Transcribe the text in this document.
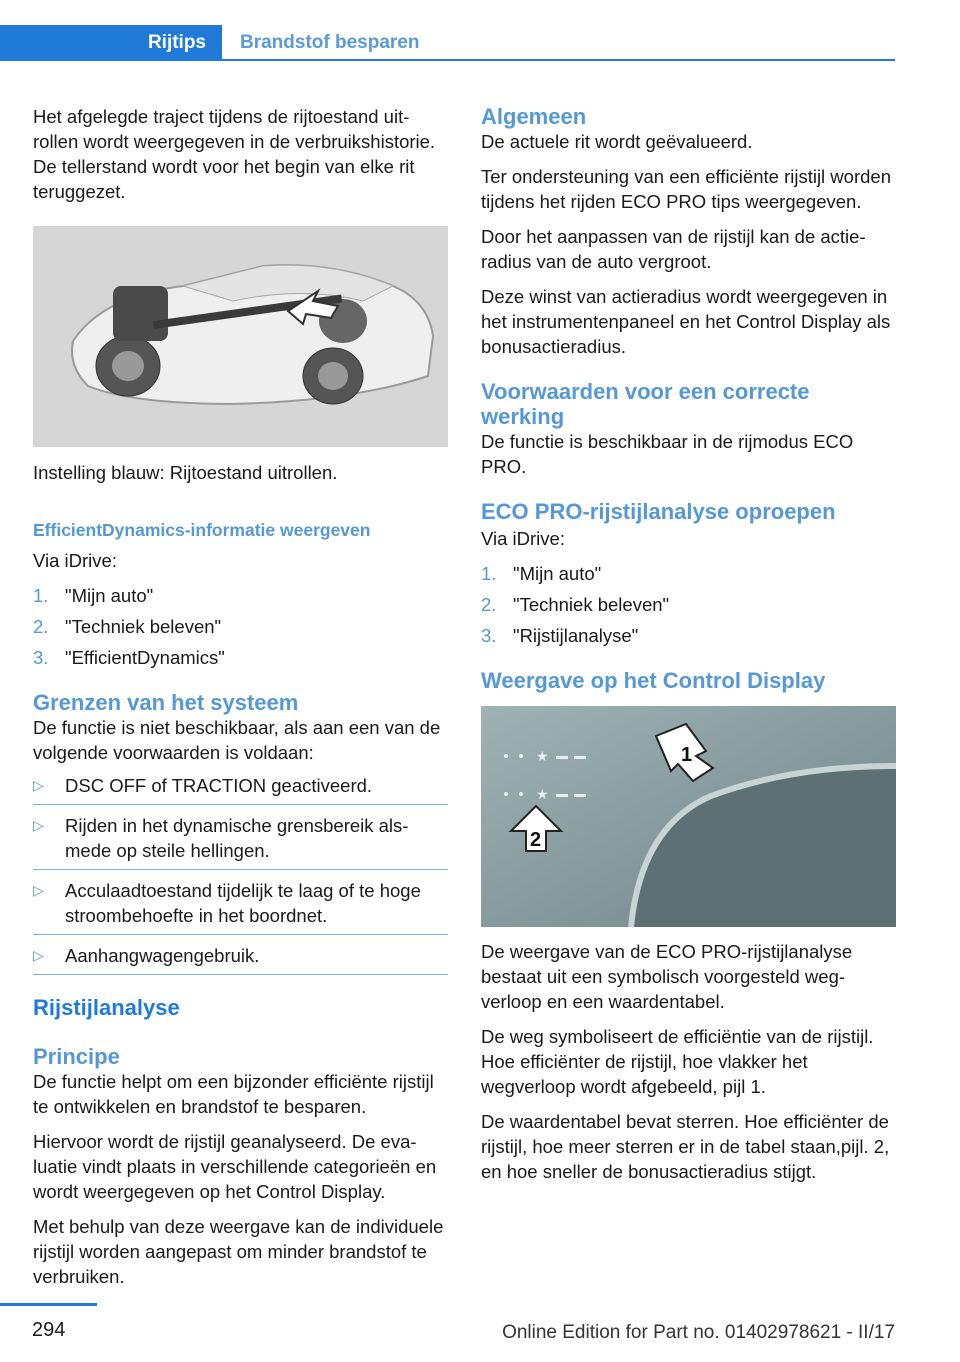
Rijtips Brandstof besparen

Het afgelegde traject tijdens de rijtoestand uitrollen wordt weergegeven in de verbruikshistorie. De tellerstand wordt voor het begin van elke rit teruggezet.

Instelling blauw: Rijtoestand uitrollen.

EfficientDynamics-informatie weergeven

Via iDrive:

1. "Mijn auto"
2. "Techniek beleven"
3. "EfficientDynamics"
Grenzen van het systeem

De functie is niet beschikbaar, als aan een van de volgende voorwaarden is voldaan:

▷ DSC OFF of TRACTION geactiveerd.
▷ Rijden in het dynamische grensbereik alsmede op steile hellingen.
▷ Acculaadtoestand tijdelijk te laag of te hoge stroombehoefte in het boordnet.
▷ Aanhangwagengebruik.
Rijstijlanalyse
Principe

De functie helpt om een bijzonder efficiënte rijstijl te ontwikkelen en brandstof te besparen.

Hiervoor wordt de rijstijl geanalyseerd. De evaluatie vindt plaats in verschillende categorieën en wordt weergegeven op het Control Display.

Met behulp van deze weergave kan de individuele rijstijl worden aangepast om minder brandstof te verbruiken.

Algemeen

De actuele rit wordt geëvalueerd.

Ter ondersteuning van een efficiënte rijstijl worden tijdens het rijden ECO PRO tips weergegeven.

Door het aanpassen van de rijstijl kan de actieradius van de auto vergroot.

Deze winst van actieradius wordt weergegeven in het instrumentenpaneel en het Control Display als bonusactieradius.

Voorwaarden voor een correcte werking

De functie is beschikbaar in de rijmodus ECO PRO.

ECO PRO-rijstijlanalyse oproepen

Via iDrive:

1. "Mijn auto"
2. "Techniek beleven"
3. "Rijstijlanalyse"
Weergave op het Control Display
★
★
1
2

De weergave van de ECO PRO-rijstijlanalyse bestaat uit een symbolisch voorgesteld wegverloop en een waardentabel.

De weg symboliseert de efficiëntie van de rijstijl. Hoe efficiënter de rijstijl, hoe vlakker het wegverloop wordt afgebeeld, pijl 1.

De waardentabel bevat sterren. Hoe efficiënter de rijstijl, hoe meer sterren er in de tabel staan,pijl. 2, en hoe sneller de bonusactieradius stijgt.

294	Online Edition for Part no. 01402978621 - II/17
